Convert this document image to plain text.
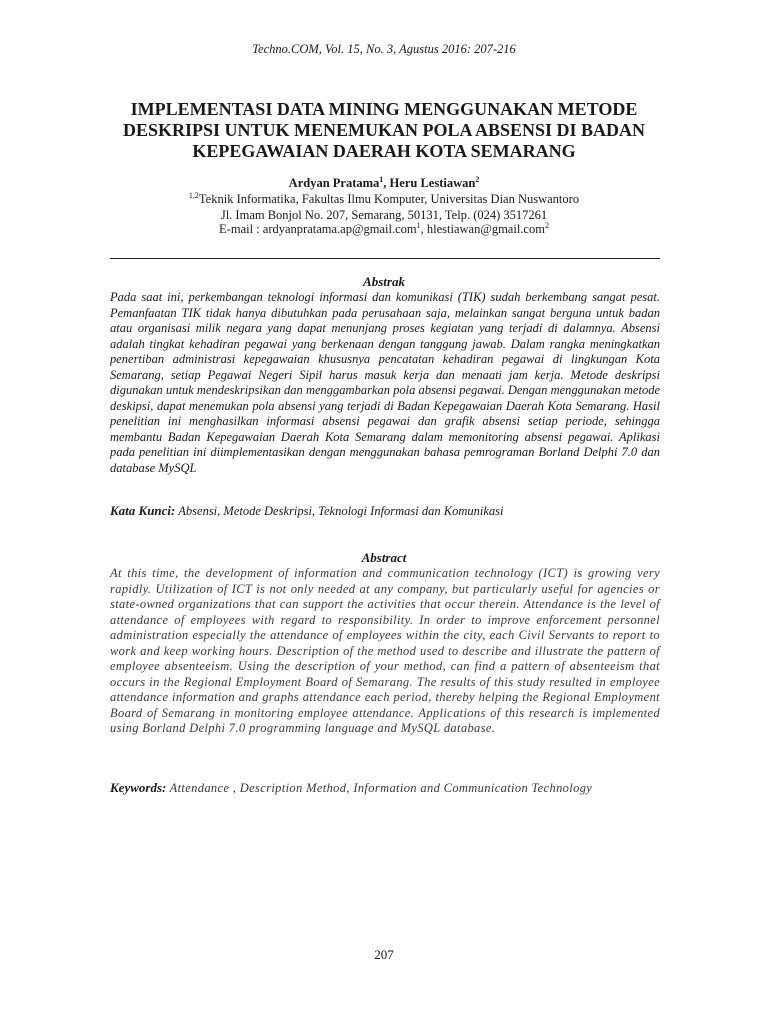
Techno.COM, Vol. 15, No. 3, Agustus 2016: 207-216
IMPLEMENTASI DATA MINING MENGGUNAKAN METODE DESKRIPSI UNTUK MENEMUKAN POLA ABSENSI DI BADAN KEPEGAWAIAN DAERAH KOTA SEMARANG
Ardyan Pratama$^1$, Heru Lestiawan$^2$
$^{1,2}$Teknik Informatika, Fakultas Ilmu Komputer, Universitas Dian Nuswantoro
Jl. Imam Bonjol No. 207, Semarang, 50131, Telp. (024) 3517261
E-mail : ardyanpratama.ap@gmail.com$^1$, hlestiawan@gmail.com$^2$
Abstrak

Pada saat ini, perkembangan teknologi informasi dan komunikasi (TIK) sudah berkembang sangat pesat. Pemanfaatan TIK tidak hanya dibutuhkan pada perusahaan saja, melainkan sangat berguna untuk badan atau organisasi milik negara yang dapat menunjang proses kegiatan yang terjadi di dalamnya. Absensi adalah tingkat kehadiran pegawai yang berkenaan dengan tanggung jawab. Dalam rangka meningkatkan penertiban administrasi kepegawaian khususnya pencatatan kehadiran pegawai di lingkungan Kota Semarang, setiap Pegawai Negeri Sipil harus masuk kerja dan menaati jam kerja. Metode deskripsi digunakan untuk mendeskripsikan dan menggambarkan pola absensi pegawai. Dengan menggunakan metode deskipsi, dapat menemukan pola absensi yang terjadi di Badan Kepegawaian Daerah Kota Semarang. Hasil penelitian ini menghasilkan informasi absensi pegawai dan grafik absensi setiap periode, sehingga membantu Badan Kepegawaian Daerah Kota Semarang dalam memonitoring absensi pegawai. Aplikasi pada penelitian ini diimplementasikan dengan menggunakan bahasa pemrograman Borland Delphi 7.0 dan database MySQL

Kata Kunci: Absensi, Metode Deskripsi, Teknologi Informasi dan Komunikasi
Abstract

At this time, the development of information and communication technology (ICT) is growing very rapidly. Utilization of ICT is not only needed at any company, but particularly useful for agencies or state-owned organizations that can support the activities that occur therein. Attendance is the level of attendance of employees with regard to responsibility. In order to improve enforcement personnel administration especially the attendance of employees within the city, each Civil Servants to report to work and keep working hours. Description of the method used to describe and illustrate the pattern of employee absenteeism. Using the description of your method, can find a pattern of absenteeism that occurs in the Regional Employment Board of Semarang. The results of this study resulted in employee attendance information and graphs attendance each period, thereby helping the Regional Employment Board of Semarang in monitoring employee attendance. Applications of this research is implemented using Borland Delphi 7.0 programming language and MySQL database.

Keywords: Attendance , Description Method, Information and Communication Technology
207
